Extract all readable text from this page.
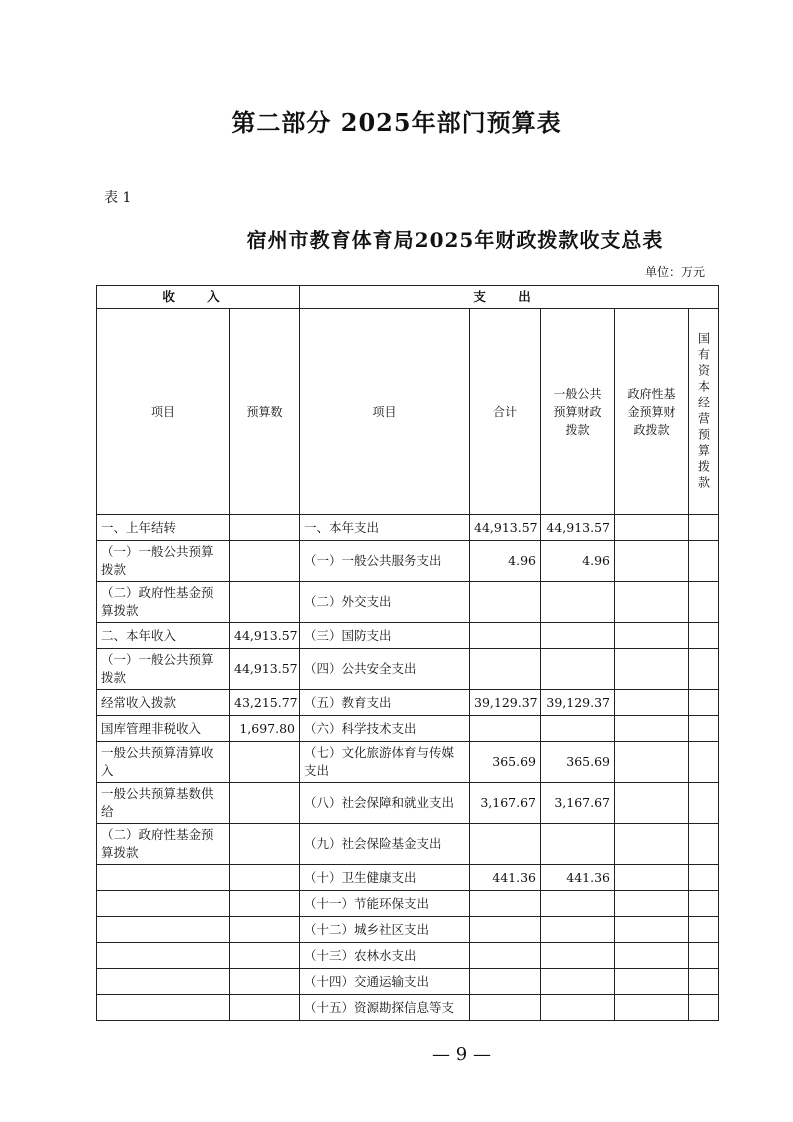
第二部分 2025年部门预算表
表 1
宿州市教育体育局2025年财政拨款收支总表
单位：万元
收 入		支 出				
项目	预算数	项目	合计	一般公共预算财政拨款	政府性基金预算财政拨款	国有资本经营预算拨款

一、上年结转		一、本年支出	44,913.57	44,913.57		
（一）一般公共预算拨款		（一）一般公共服务支出	4.96	4.96		
（二）政府性基金预算拨款		（二）外交支出				
二、本年收入	44,913.57	（三）国防支出				
（一）一般公共预算拨款	44,913.57	（四）公共安全支出				
经常收入拨款	43,215.77	（五）教育支出	39,129.37	39,129.37		
国库管理非税收入	1,697.80	（六）科学技术支出				
一般公共预算清算收入		（七）文化旅游体育与传媒支出	365.69	365.69		
一般公共预算基数供给		（八）社会保障和就业支出	3,167.67	3,167.67		
（二）政府性基金预算拨款		（九）社会保险基金支出				
		（十）卫生健康支出	441.36	441.36		
		（十一）节能环保支出				
		（十二）城乡社区支出				
		（十三）农林水支出				
		（十四）交通运输支出				
		（十五）资源勘探信息等支				
— 9 —
